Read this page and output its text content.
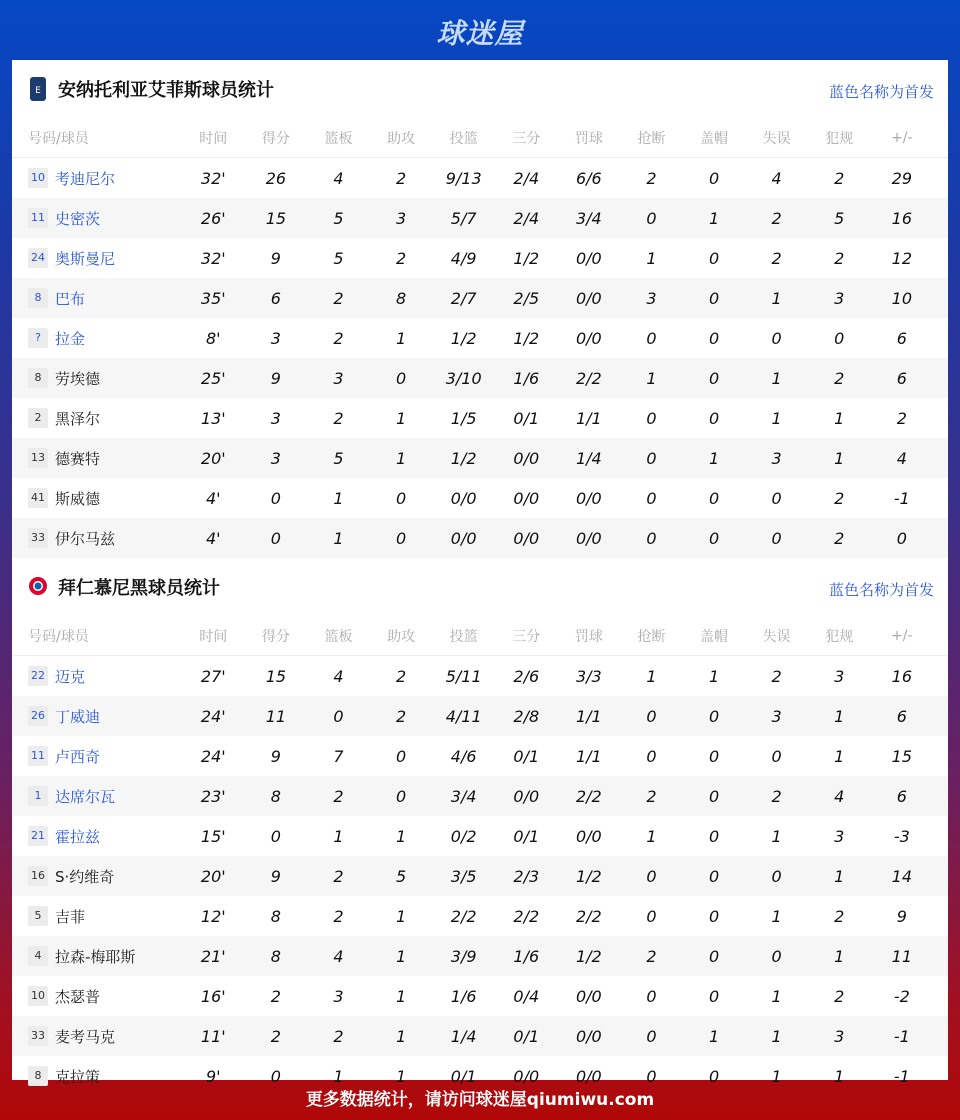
球迷屋
E 安纳托利亚艾菲斯球员统计	蓝色名称为首发
号码/球员	时间	得分	篮板	助攻	投篮	三分	罚球	抢断	盖帽	失误	犯规	+/-
10 考迪尼尔	32'	26	4	2	9/13	2/4	6/6	2	0	4	2	29
11 史密茨	26'	15	5	3	5/7	2/4	3/4	0	1	2	5	16
24 奥斯曼尼	32'	9	5	2	4/9	1/2	0/0	1	0	2	2	12
8 巴布	35'	6	2	8	2/7	2/5	0/0	3	0	1	3	10
? 拉金	8'	3	2	1	1/2	1/2	0/0	0	0	0	0	6
8 劳埃德	25'	9	3	0	3/10	1/6	2/2	1	0	1	2	6
2 黑泽尔	13'	3	2	1	1/5	0/1	1/1	0	0	1	1	2
13 德赛特	20'	3	5	1	1/2	0/0	1/4	0	1	3	1	4
41 斯威德	4'	0	1	0	0/0	0/0	0/0	0	0	0	2	-1
33 伊尔马兹	4'	0	1	0	0/0	0/0	0/0	0	0	0	2	0
拜仁慕尼黑球员统计	蓝色名称为首发
号码/球员	时间	得分	篮板	助攻	投篮	三分	罚球	抢断	盖帽	失误	犯规	+/-
22 迈克	27'	15	4	2	5/11	2/6	3/3	1	1	2	3	16
26 丁威迪	24'	11	0	2	4/11	2/8	1/1	0	0	3	1	6
11 卢西奇	24'	9	7	0	4/6	0/1	1/1	0	0	0	1	15
1 达席尔瓦	23'	8	2	0	3/4	0/0	2/2	2	0	2	4	6
21 霍拉兹	15'	0	1	1	0/2	0/1	0/0	1	0	1	3	-3
16 S·约维奇	20'	9	2	5	3/5	2/3	1/2	0	0	0	1	14
5 吉菲	12'	8	2	1	2/2	2/2	2/2	0	0	1	2	9
4 拉森-梅耶斯	21'	8	4	1	3/9	1/6	1/2	2	0	0	1	11
10 杰瑟普	16'	2	3	1	1/6	0/4	0/0	0	0	1	2	-2
33 麦考马克	11'	2	2	1	1/4	0/1	0/0	0	1	1	3	-1
8 克拉策	9'	0	1	1	0/1	0/0	0/0	0	0	1	1	-1
更多数据统计，请访问球迷屋qiumiwu.com
